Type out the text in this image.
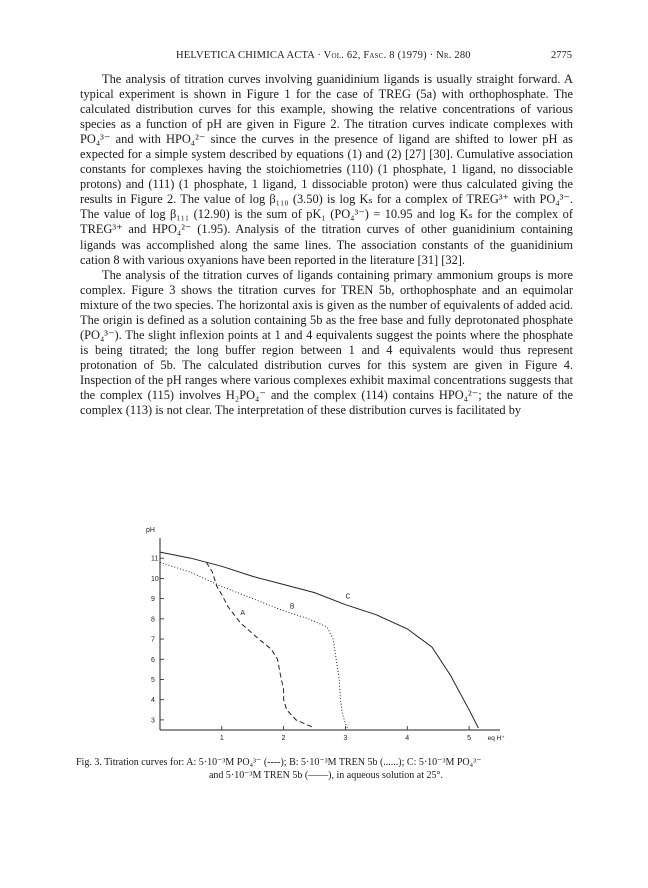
HELVETICA CHIMICA ACTA · Vol. 62, Fasc. 8 (1979) · Nr. 280	2775

The analysis of titration curves involving guanidinium ligands is usually straight forward. A typical experiment is shown in Figure 1 for the case of TREG (5a) with orthophosphate. The calculated distribution curves for this example, showing the relative concentrations of various species as a function of pH are given in Figure 2. The titration curves indicate complexes with PO₄³⁻ and with HPO₄²⁻ since the curves in the presence of ligand are shifted to lower pH as expected for a simple system described by equations (1) and (2) [27] [30]. Cumulative association constants for complexes having the stoichiometries (110) (1 phosphate, 1 ligand, no dissociable protons) and (111) (1 phosphate, 1 ligand, 1 dissociable proton) were thus calculated giving the results in Figure 2. The value of log β₁₁₀ (3.50) is log Kₛ for a complex of TREG³⁺ with PO₄³⁻. The value of log β₁₁₁ (12.90) is the sum of pK₁ (PO₄³⁻) = 10.95 and log Kₛ for the complex of TREG³⁺ and HPO₄²⁻ (1.95). Analysis of the titration curves of other guanidinium containing ligands was accomplished along the same lines. The association constants of the guanidinium cation 8 with various oxyanions have been reported in the literature [31] [32].

The analysis of the titration curves of ligands containing primary ammonium groups is more complex. Figure 3 shows the titration curves for TREN 5b, orthophosphate and an equimolar mixture of the two species. The horizontal axis is given as the number of equivalents of added acid. The origin is defined as a solution containing 5b as the free base and fully deprotonated phosphate (PO₄³⁻). The slight inflexion points at 1 and 4 equivalents suggest the points where the phosphate is being titrated; the long buffer region between 1 and 4 equivalents would thus represent protonation of 5b. The calculated distribution curves for this system are given in Figure 4. Inspection of the pH ranges where various complexes exhibit maximal concentrations suggests that the complex (115) involves H₂PO₄⁻ and the complex (114) contains HPO₄²⁻; the nature of the complex (113) is not clear. The interpretation of these distribution curves is facilitated by

pH
1	2	3	4	5	eq H⁺
3
4
5
6
7
8
9
10
11
A
B
C
Fig. 3. Titration curves for: A: 5·10⁻³M PO₄³⁻ (----); B: 5·10⁻³M TREN 5b (......); C: 5·10⁻³M PO₄³⁻
and 5·10⁻³M TREN 5b (——), in aqueous solution at 25°.
